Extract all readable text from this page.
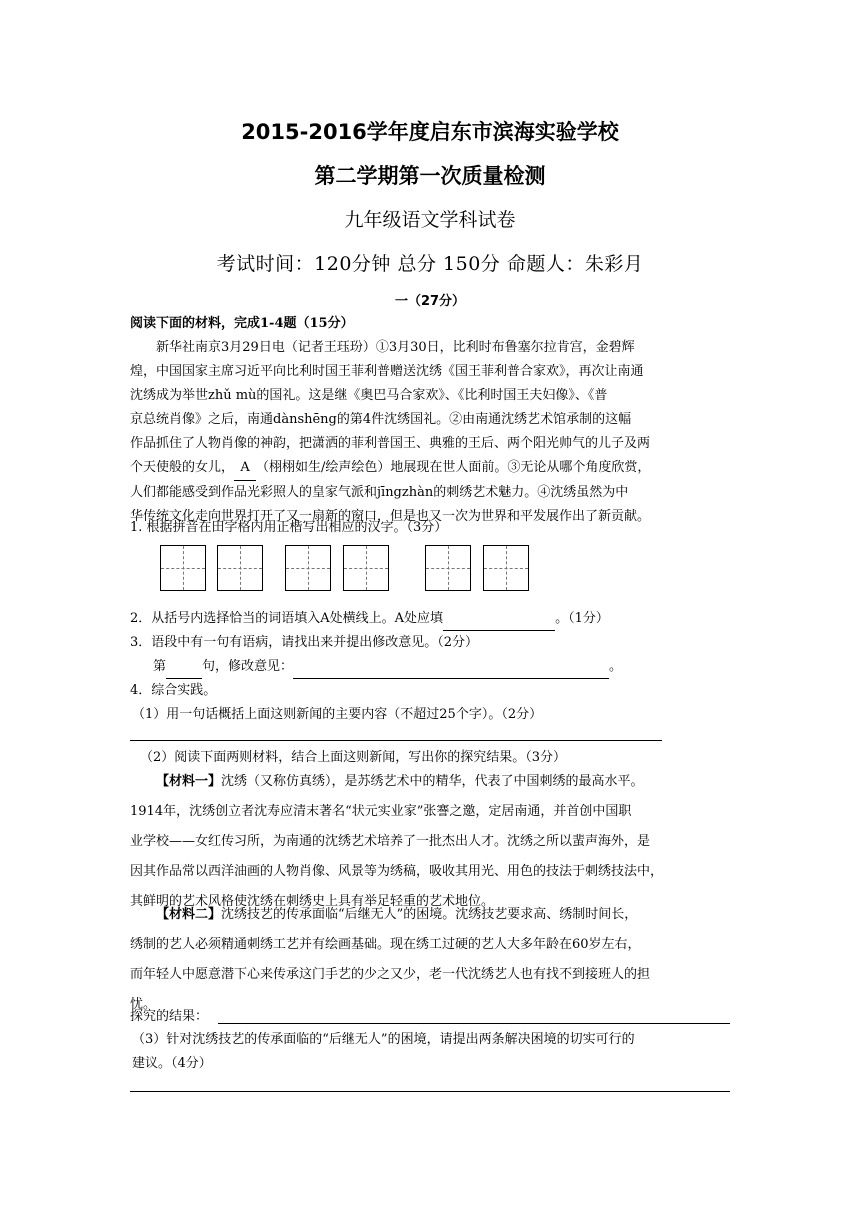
2015-2016学年度启东市滨海实验学校
第二学期第一次质量检测
九年级语文学科试卷
考试时间：120分钟 总分 150分 命题人：朱彩月
一（27分）
阅读下面的材料，完成1-4题（15分）
新华社南京3月29日电（记者王珏玢）①3月30日，比利时布鲁塞尔拉肯宫，金碧辉
煌，中国国家主席习近平向比利时国王菲利普赠送沈绣《国王菲利普合家欢》，再次让南通
沈绣成为举世zhǔ mù的国礼。这是继《奥巴马合家欢》、《比利时国王夫妇像》、《普
京总统肖像》之后，南通dànshēng的第4件沈绣国礼。②由南通沈绣艺术馆承制的这幅
作品抓住了人物肖像的神韵，把潇洒的菲利普国王、典雅的王后、两个阳光帅气的儿子及两
个天使般的女儿， A （栩栩如生/绘声绘色）地展现在世人面前。③无论从哪个角度欣赏，
人们都能感受到作品光彩照人的皇家气派和jīngzhàn的刺绣艺术魅力。④沈绣虽然为中
华传统文化走向世界打开了又一扇新的窗口，但是也又一次为世界和平发展作出了新贡献。
1. 根据拼音在田字格内用正楷写出相应的汉字。（3分）
2．从括号内选择恰当的词语填入A处横线上。A处应填	。（1分）
3．语段中有一句有语病，请找出来并提出修改意见。（2分）
第	句，修改意见：	。
4．综合实践。
（1）用一句话概括上面这则新闻的主要内容（不超过25个字）。（2分）
（2）阅读下面两则材料，结合上面这则新闻，写出你的探究结果。（3分）
【材料一】沈绣（又称仿真绣），是苏绣艺术中的精华，代表了中国刺绣的最高水平。
1914年，沈绣创立者沈寿应清末著名“状元实业家”张謇之邀，定居南通，并首创中国职
业学校——女红传习所，为南通的沈绣艺术培养了一批杰出人才。沈绣之所以蜚声海外，是
因其作品常以西洋油画的人物肖像、风景等为绣稿，吸收其用光、用色的技法于刺绣技法中，
其鲜明的艺术风格使沈绣在刺绣史上具有举足轻重的艺术地位。
【材料二】沈绣技艺的传承面临“后继无人”的困境。沈绣技艺要求高、绣制时间长，
绣制的艺人必须精通刺绣工艺并有绘画基础。现在绣工过硬的艺人大多年龄在60岁左右，
而年轻人中愿意潜下心来传承这门手艺的少之又少，老一代沈绣艺人也有找不到接班人的担
忧。
探究的结果：
（3）针对沈绣技艺的传承面临的“后继无人”的困境，请提出两条解决困境的切实可行的
建议。（4分）
